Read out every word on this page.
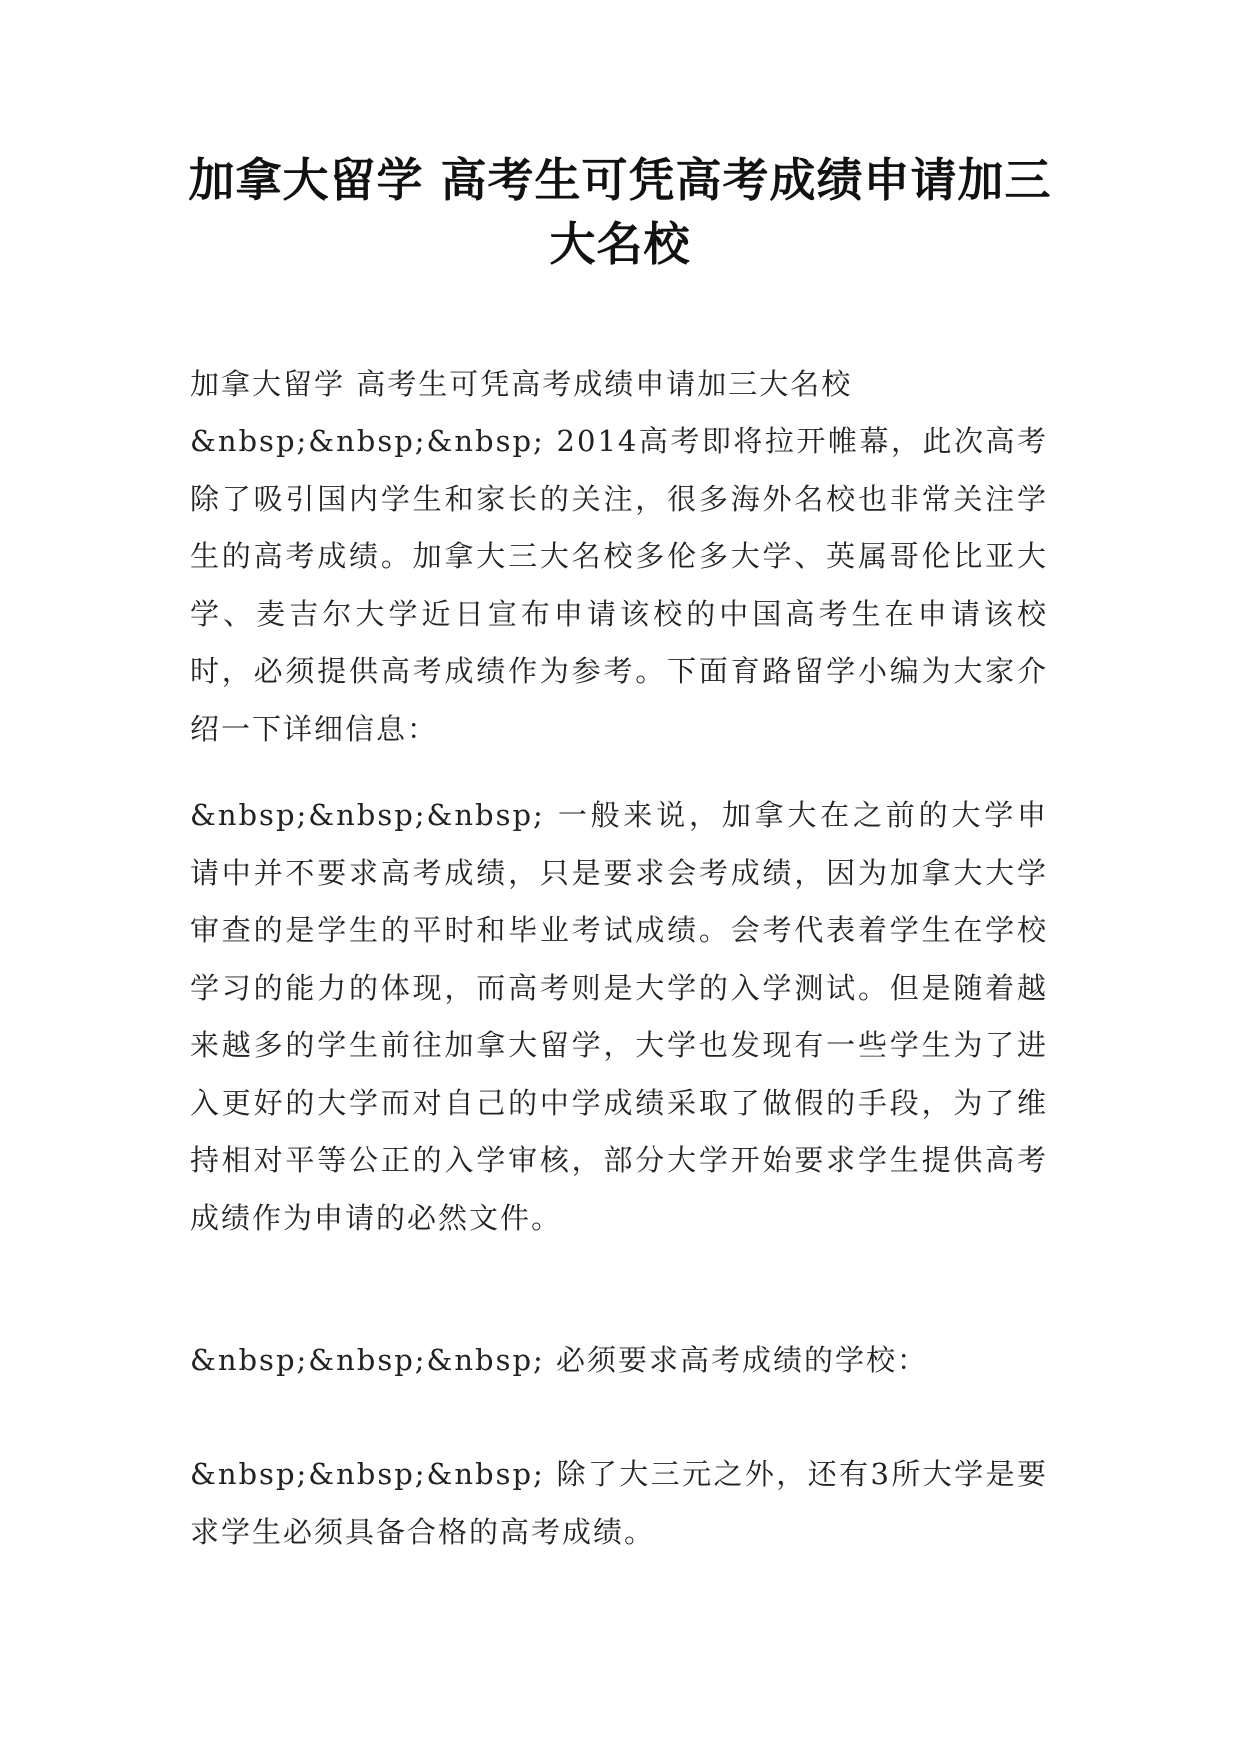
加拿大留学 高考生可凭高考成绩申请加三大名校
加拿大留学 高考生可凭高考成绩申请加三大名校
&nbsp;&nbsp;&nbsp; 2014高考即将拉开帷幕，此次高考除了吸引国内学生和家长的关注，很多海外名校也非常关注学生的高考成绩。加拿大三大名校多伦多大学、英属哥伦比亚大学、麦吉尔大学近日宣布申请该校的中国高考生在申请该校时，必须提供高考成绩作为参考。下面育路留学小编为大家介绍一下详细信息：
&nbsp;&nbsp;&nbsp; 一般来说，加拿大在之前的大学申请中并不要求高考成绩，只是要求会考成绩，因为加拿大大学审查的是学生的平时和毕业考试成绩。会考代表着学生在学校学习的能力的体现，而高考则是大学的入学测试。但是随着越来越多的学生前往加拿大留学，大学也发现有一些学生为了进入更好的大学而对自己的中学成绩采取了做假的手段，为了维持相对平等公正的入学审核，部分大学开始要求学生提供高考成绩作为申请的必然文件。
&nbsp;&nbsp;&nbsp; 必须要求高考成绩的学校：
&nbsp;&nbsp;&nbsp; 除了大三元之外，还有3所大学是要求学生必须具备合格的高考成绩。
